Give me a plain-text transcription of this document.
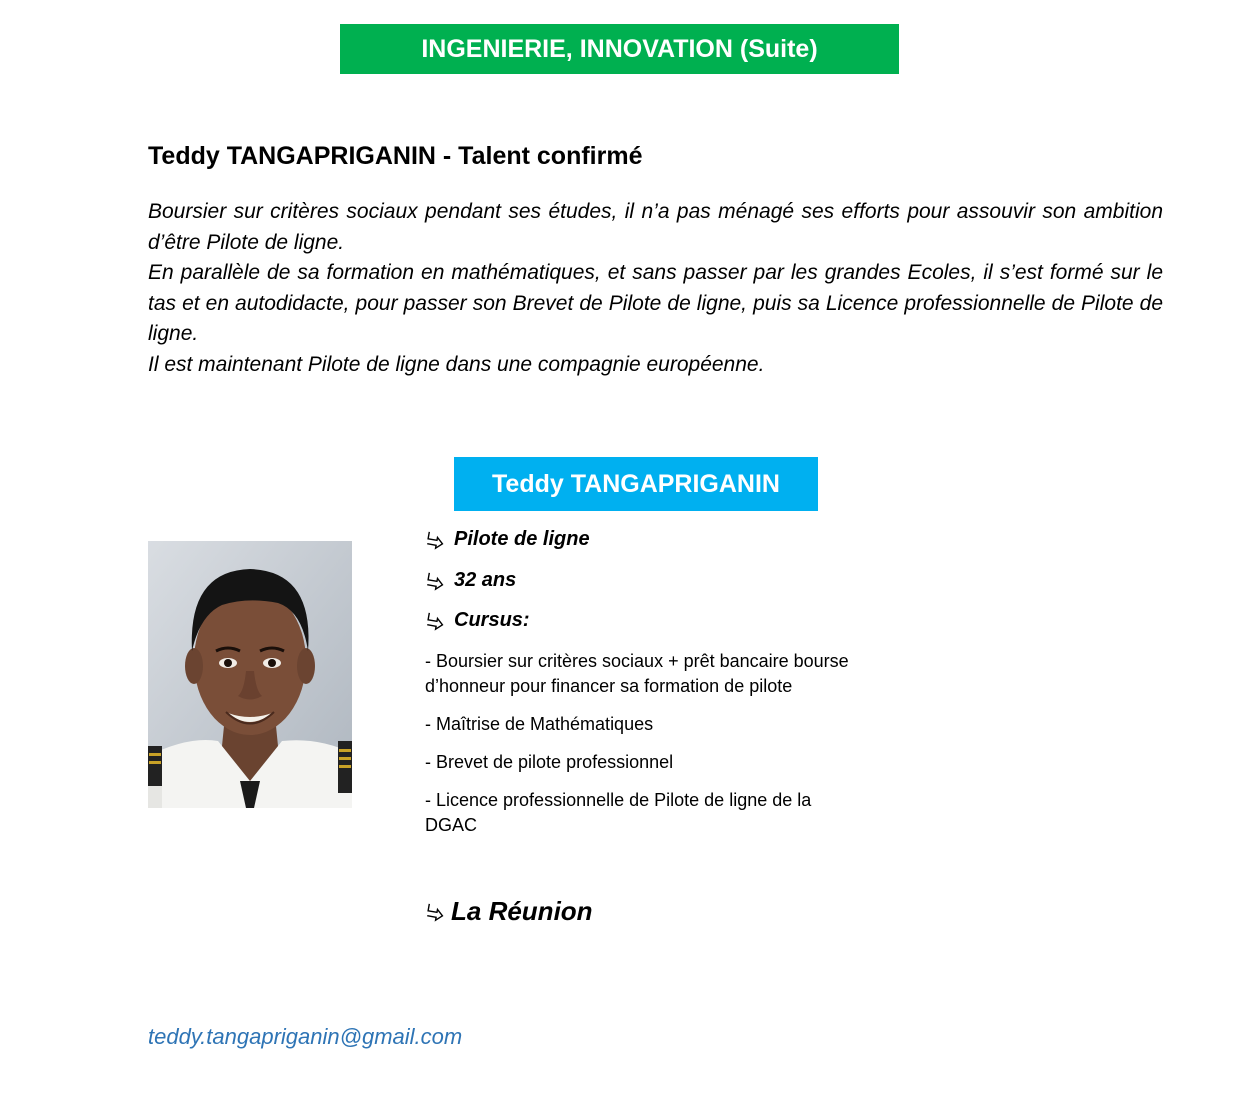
INGENIERIE, INNOVATION (Suite)
Teddy TANGAPRIGANIN - Talent confirmé

Boursier sur critères sociaux pendant ses études, il n’a pas ménagé ses efforts pour assouvir son ambition d’être Pilote de ligne.

En parallèle de sa formation en mathématiques, et sans passer par les grandes Ecoles, il s’est formé sur le tas et en autodidacte, pour passer son Brevet de Pilote de ligne, puis sa Licence professionnelle de Pilote de ligne.

Il est maintenant Pilote de ligne dans une compagnie européenne.

Teddy TANGAPRIGANIN
Pilote de ligne
32 ans
Cursus:
- Boursier sur critères sociaux + prêt bancaire bourse d’honneur pour financer sa formation de pilote
- Maîtrise de Mathématiques
- Brevet de pilote professionnel
- Licence professionnelle de Pilote de ligne de la DGAC
La Réunion
teddy.tangapriganin@gmail.com
